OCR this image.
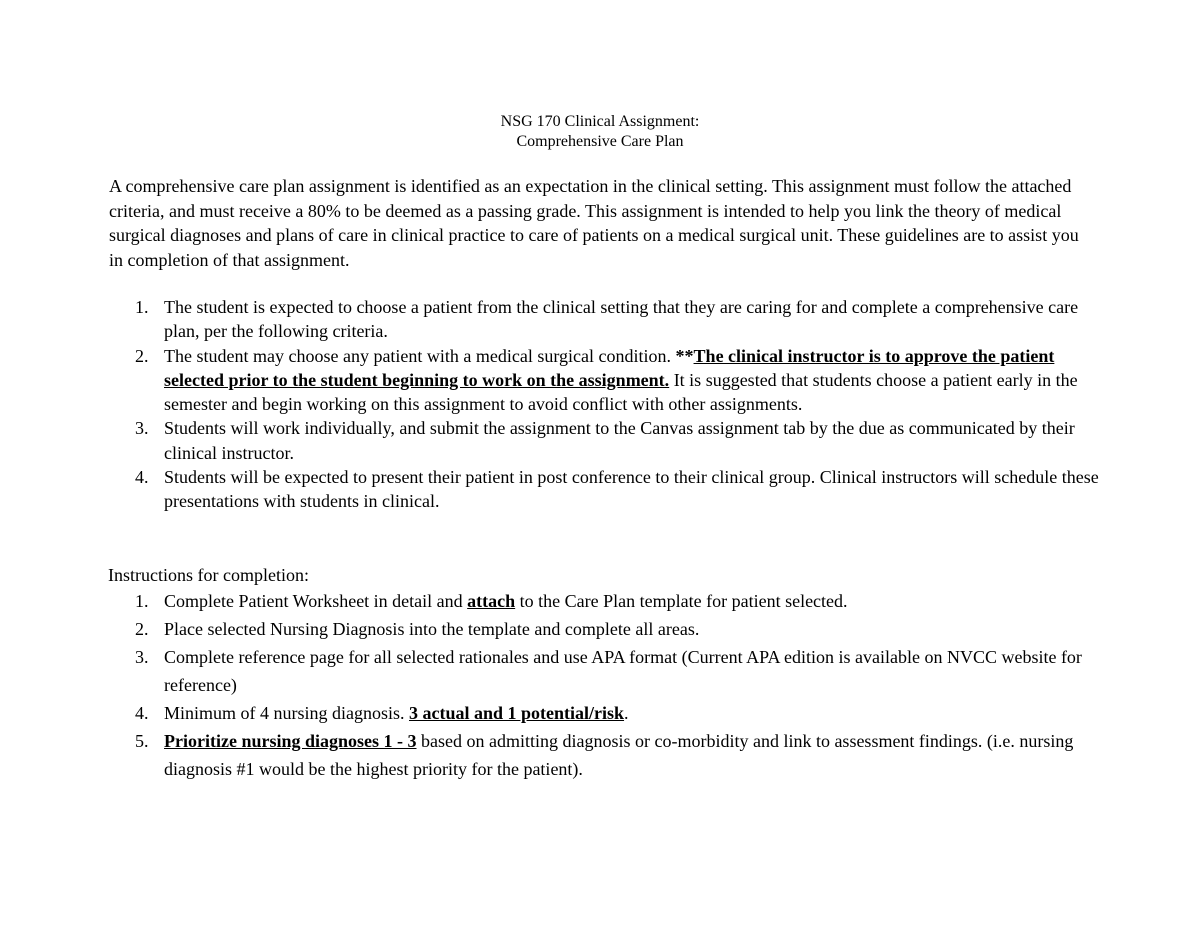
NSG 170 Clinical Assignment:
Comprehensive Care Plan

A comprehensive care plan assignment is identified as an expectation in the clinical setting. This assignment must follow the attached criteria, and must receive a 80% to be deemed as a passing grade. This assignment is intended to help you link the theory of medical surgical diagnoses and plans of care in clinical practice to care of patients on a medical surgical unit. These guidelines are to assist you in completion of that assignment.

1. The student is expected to choose a patient from the clinical setting that they are caring for and complete a comprehensive care plan, per the following criteria.
2. The student may choose any patient with a medical surgical condition. **The clinical instructor is to approve the patient selected prior to the student beginning to work on the assignment. It is suggested that students choose a patient early in the semester and begin working on this assignment to avoid conflict with other assignments.
3. Students will work individually, and submit the assignment to the Canvas assignment tab by the due as communicated by their clinical instructor.
4. Students will be expected to present their patient in post conference to their clinical group. Clinical instructors will schedule these presentations with students in clinical.

Instructions for completion:

1. Complete Patient Worksheet in detail and attach to the Care Plan template for patient selected.
2. Place selected Nursing Diagnosis into the template and complete all areas.
3. Complete reference page for all selected rationales and use APA format (Current APA edition is available on NVCC website for reference)
4. Minimum of 4 nursing diagnosis. 3 actual and 1 potential/risk.
5. Prioritize nursing diagnoses 1 - 3 based on admitting diagnosis or co-morbidity and link to assessment findings. (i.e. nursing diagnosis #1 would be the highest priority for the patient).
